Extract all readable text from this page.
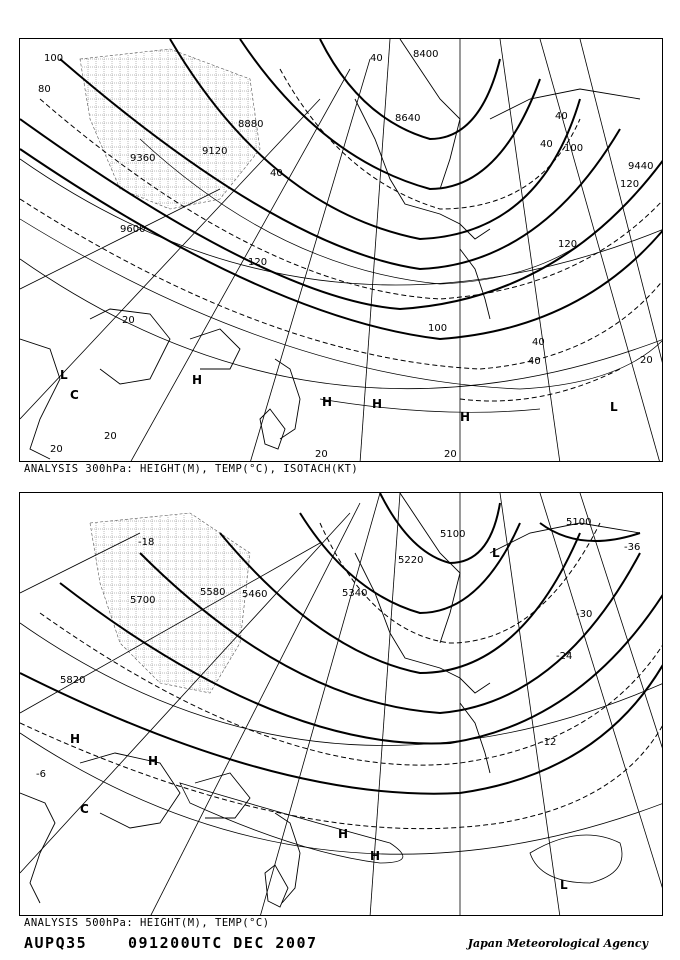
9600
9360
9120
8880
8640
8400
9440
100
80
40
40
20
20
20
40
40 100
120
120
120
100
40
40	20
20	20
L
C
H
H	H
H
L
ANALYSIS 300hPa: HEIGHT(M), TEMP(°C), ISOTACH(KT)
5820
5700
5580 5460	5340
5220
5100
5100
-18
-30
-36
-24
-12
-6
H
H
C
H
H
L
L
ANALYSIS 500hPa: HEIGHT(M), TEMP(°C)
AUPQ35	091200UTC DEC 2007	Japan Meteorological Agency
